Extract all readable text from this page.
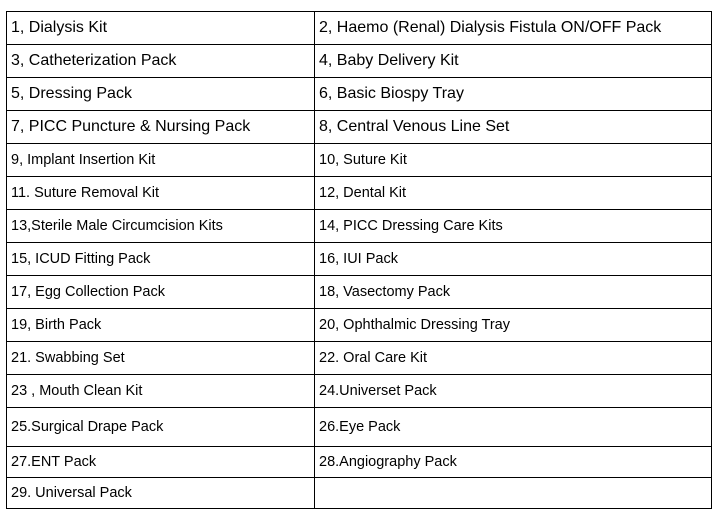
1, Dialysis Kit	2, Haemo (Renal) Dialysis Fistula ON/OFF Pack
3, Catheterization Pack	4, Baby Delivery Kit
5, Dressing Pack	6, Basic Biospy Tray
7, PICC Puncture & Nursing Pack	8, Central Venous Line Set
9, Implant Insertion Kit	10, Suture Kit
11. Suture Removal Kit	12, Dental Kit
13,Sterile Male Circumcision Kits	14, PICC Dressing Care Kits
15, ICUD Fitting Pack	16, IUI Pack
17, Egg Collection Pack	18, Vasectomy Pack
19, Birth Pack	20, Ophthalmic Dressing Tray
21. Swabbing Set	22. Oral Care Kit
23 , Mouth Clean Kit	24.Universet Pack
25.Surgical Drape Pack	26.Eye Pack
27.ENT Pack	28.Angiography Pack
29. Universal Pack	
